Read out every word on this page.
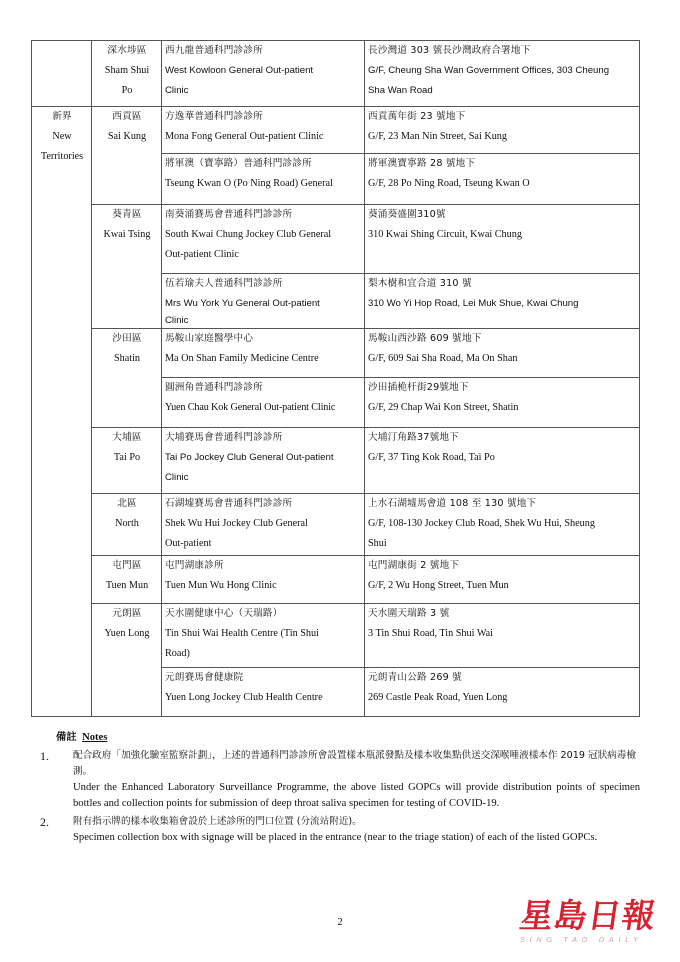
	深水埗區
Sham Shui
Po	西九龍普通科門診診所
West Kowloon General Out-patient
Clinic	長沙灣道 303 號長沙灣政府合署地下
G/F, Cheung Sha Wan Government Offices, 303 Cheung
Sha Wan Road

新界
New
Territories	西貢區
Sai Kung	方逸華普通科門診診所
Mona Fong General Out-patient Clinic	西貢萬年街 23 號地下
G/F, 23 Man Nin Street, Sai Kung

		將軍澳（寶寧路）普通科門診診所
Tseung Kwan O (Po Ning Road) General	將軍澳寶寧路 28 號地下
G/F, 28 Po Ning Road, Tseung Kwan O

	葵青區
Kwai Tsing	南葵涌賽馬會普通科門診診所
South Kwai Chung Jockey Club General
Out-patient Clinic	葵涌葵盛圍310號
310 Kwai Shing Circuit, Kwai Chung

		伍若瑜夫人普通科門診診所
Mrs Wu York Yu General Out-patient
Clinic	梨木樹和宜合道 310 號
310 Wo Yi Hop Road, Lei Muk Shue, Kwai Chung

	沙田區
Shatin	馬鞍山家庭醫學中心
Ma On Shan Family Medicine Centre	馬鞍山西沙路 609 號地下
G/F, 609 Sai Sha Road, Ma On Shan

		圓洲角普通科門診診所
Yuen Chau Kok General Out-patient Clinic	沙田插桅杆街29號地下
G/F, 29 Chap Wai Kon Street, Shatin

	大埔區
Tai Po	大埔賽馬會普通科門診診所
Tai Po Jockey Club General Out-patient
Clinic	大埔汀角路37號地下
G/F, 37 Ting Kok Road, Tai Po

	北區
North	石湖墟賽馬會普通科門診診所
Shek Wu Hui Jockey Club General
Out-patient	上水石湖墟馬會道 108 至 130 號地下
G/F, 108-130 Jockey Club Road, Shek Wu Hui, Sheung
Shui

	屯門區
Tuen Mun	屯門湖康診所
Tuen Mun Wu Hong Clinic	屯門湖康街 2 號地下
G/F, 2 Wu Hong Street, Tuen Mun

	元朗區
Yuen Long	天水圍健康中心（天瑞路）
Tin Shui Wai Health Centre (Tin Shui
Road)	天水圍天瑞路 3 號
3 Tin Shui Road, Tin Shui Wai

		元朗賽馬會健康院
Yuen Long Jockey Club Health Centre	元朗青山公路 269 號
269 Castle Peak Road, Yuen Long
備註 Notes
1.	配合政府「加強化驗室監察計劃」，上述的普通科門診診所會設置樣本瓶派發點及樣本收集點供送交深喉唾液樣本作 2019 冠狀病毒檢測。
Under the Enhanced Laboratory Surveillance Programme, the above listed GOPCs will provide distribution points of specimen bottles and collection points for submission of deep throat saliva specimen for testing of COVID-19.
2.	附有指示牌的樣本收集箱會設於上述診所的門口位置 (分流站附近)。
Specimen collection box with signage will be placed in the entrance (near to the triage station) of each of the listed GOPCs.
2	星島日報
SING TAO DAILY
